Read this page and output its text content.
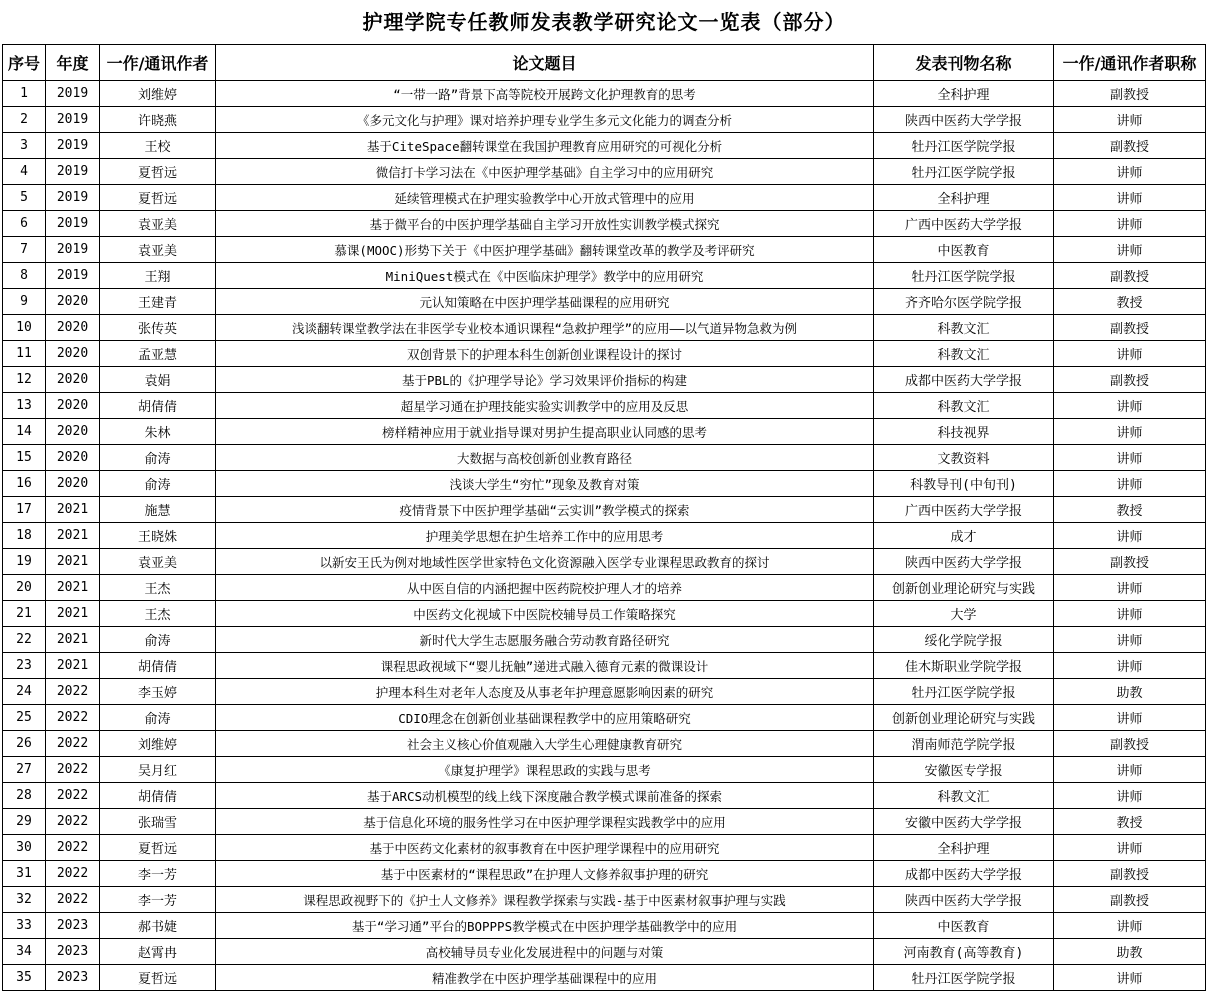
护理学院专任教师发表教学研究论文一览表（部分）
序号	年度	一作/通讯作者	论文题目	发表刊物名称	一作/通讯作者职称
1	2019	刘维婷	“一带一路”背景下高等院校开展跨文化护理教育的思考	全科护理	副教授
2	2019	许晓燕	《多元文化与护理》课对培养护理专业学生多元文化能力的调查分析	陕西中医药大学学报	讲师
3	2019	王校	基于CiteSpace翻转课堂在我国护理教育应用研究的可视化分析	牡丹江医学院学报	副教授
4	2019	夏哲远	微信打卡学习法在《中医护理学基础》自主学习中的应用研究	牡丹江医学院学报	讲师
5	2019	夏哲远	延续管理模式在护理实验教学中心开放式管理中的应用	全科护理	讲师
6	2019	袁亚美	基于微平台的中医护理学基础自主学习开放性实训教学模式探究	广西中医药大学学报	讲师
7	2019	袁亚美	慕课(MOOC)形势下关于《中医护理学基础》翻转课堂改革的教学及考评研究	中医教育	讲师
8	2019	王翔	MiniQuest模式在《中医临床护理学》教学中的应用研究	牡丹江医学院学报	副教授
9	2020	王建青	元认知策略在中医护理学基础课程的应用研究	齐齐哈尔医学院学报	教授
10	2020	张传英	浅谈翻转课堂教学法在非医学专业校本通识课程“急救护理学”的应用——以气道异物急救为例	科教文汇	副教授
11	2020	孟亚慧	双创背景下的护理本科生创新创业课程设计的探讨	科教文汇	讲师
12	2020	袁娟	基于PBL的《护理学导论》学习效果评价指标的构建	成都中医药大学学报	副教授
13	2020	胡倩倩	超星学习通在护理技能实验实训教学中的应用及反思	科教文汇	讲师
14	2020	朱林	榜样精神应用于就业指导课对男护生提高职业认同感的思考	科技视界	讲师
15	2020	俞涛	大数据与高校创新创业教育路径	文教资料	讲师
16	2020	俞涛	浅谈大学生“穷忙”现象及教育对策	科教导刊(中旬刊)	讲师
17	2021	施慧	疫情背景下中医护理学基础“云实训”教学模式的探索	广西中医药大学学报	教授
18	2021	王晓姝	护理美学思想在护生培养工作中的应用思考	成才	讲师
19	2021	袁亚美	以新安王氏为例对地域性医学世家特色文化资源融入医学专业课程思政教育的探讨	陕西中医药大学学报	副教授
20	2021	王杰	从中医自信的内涵把握中医药院校护理人才的培养	创新创业理论研究与实践	讲师
21	2021	王杰	中医药文化视域下中医院校辅导员工作策略探究	大学	讲师
22	2021	俞涛	新时代大学生志愿服务融合劳动教育路径研究	绥化学院学报	讲师
23	2021	胡倩倩	课程思政视域下“婴儿抚触”递进式融入德育元素的微课设计	佳木斯职业学院学报	讲师
24	2022	李玉婷	护理本科生对老年人态度及从事老年护理意愿影响因素的研究	牡丹江医学院学报	助教
25	2022	俞涛	CDIO理念在创新创业基础课程教学中的应用策略研究	创新创业理论研究与实践	讲师
26	2022	刘维婷	社会主义核心价值观融入大学生心理健康教育研究	渭南师范学院学报	副教授
27	2022	吴月红	《康复护理学》课程思政的实践与思考	安徽医专学报	讲师
28	2022	胡倩倩	基于ARCS动机模型的线上线下深度融合教学模式课前准备的探索	科教文汇	讲师
29	2022	张瑞雪	基于信息化环境的服务性学习在中医护理学课程实践教学中的应用	安徽中医药大学学报	教授
30	2022	夏哲远	基于中医药文化素材的叙事教育在中医护理学课程中的应用研究	全科护理	讲师
31	2022	李一芳	基于中医素材的“课程思政”在护理人文修养叙事护理的研究	成都中医药大学学报	副教授
32	2022	李一芳	课程思政视野下的《护士人文修养》课程教学探索与实践-基于中医素材叙事护理与实践	陕西中医药大学学报	副教授
33	2023	郝书婕	基于“学习通”平台的BOPPPS教学模式在中医护理学基础教学中的应用	中医教育	讲师
34	2023	赵霄冉	高校辅导员专业化发展进程中的问题与对策	河南教育(高等教育)	助教
35	2023	夏哲远	精准教学在中医护理学基础课程中的应用	牡丹江医学院学报	讲师
